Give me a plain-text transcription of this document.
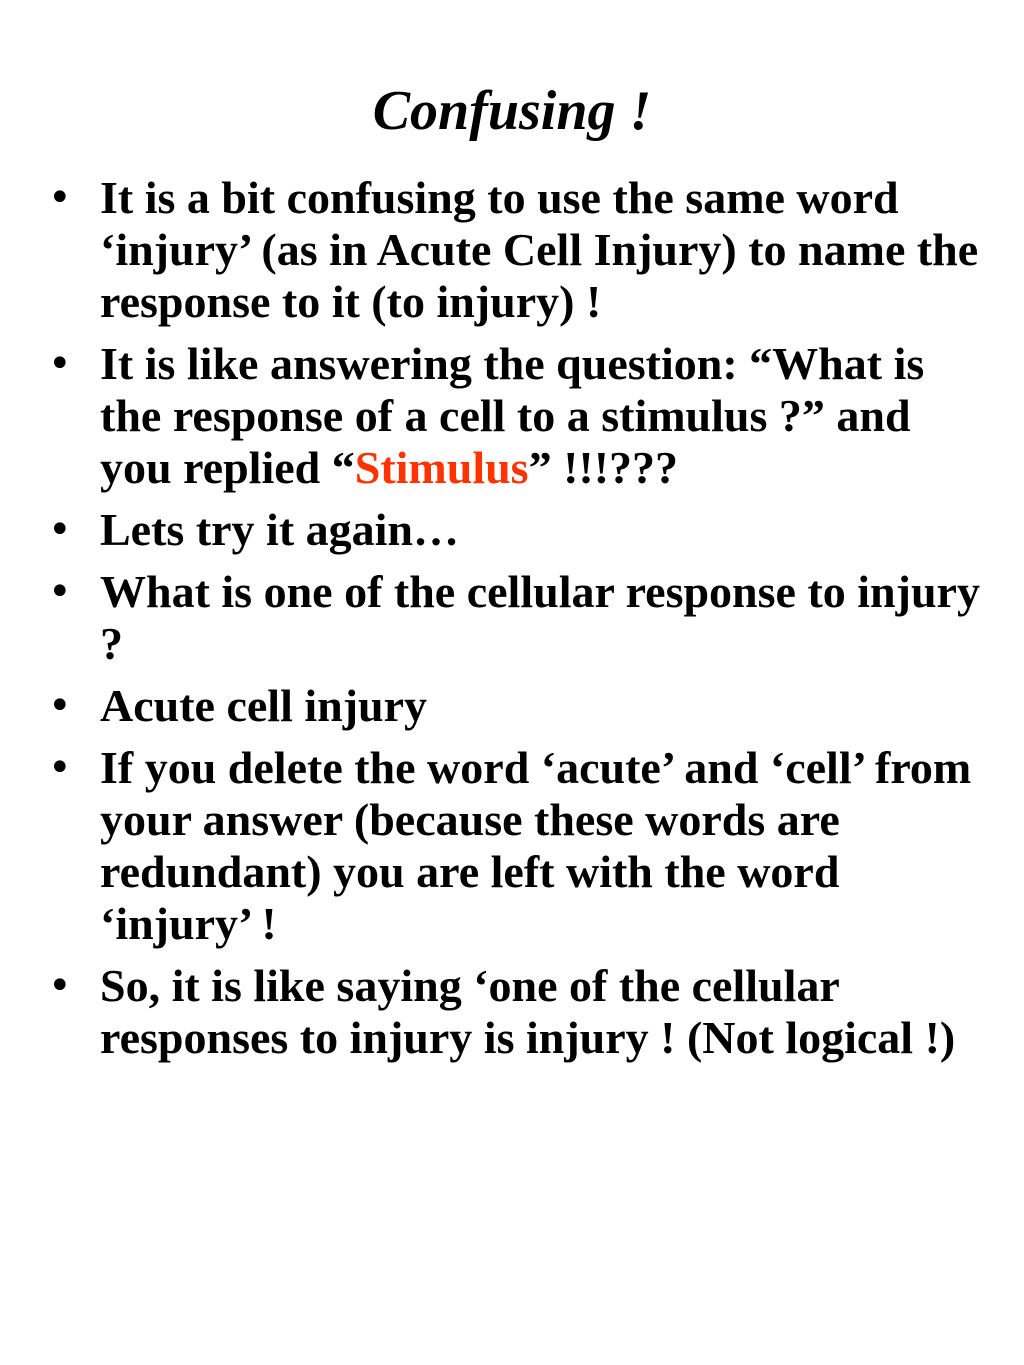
Confusing !
• It is a bit confusing to use the same word ‘injury’ (as in Acute Cell Injury) to name the response to it (to injury) !
• It is like answering the question: “What is the response of a cell to a stimulus ?” and you replied “Stimulus” !!!???
• Lets try it again…
• What is one of the cellular response to injury ?
• Acute cell injury
• If you delete the word ‘acute’ and ‘cell’ from your answer (because these words are redundant) you are left with the word ‘injury’ !
• So, it is like saying ‘one of the cellular responses to injury is injury ! (Not logical !)
